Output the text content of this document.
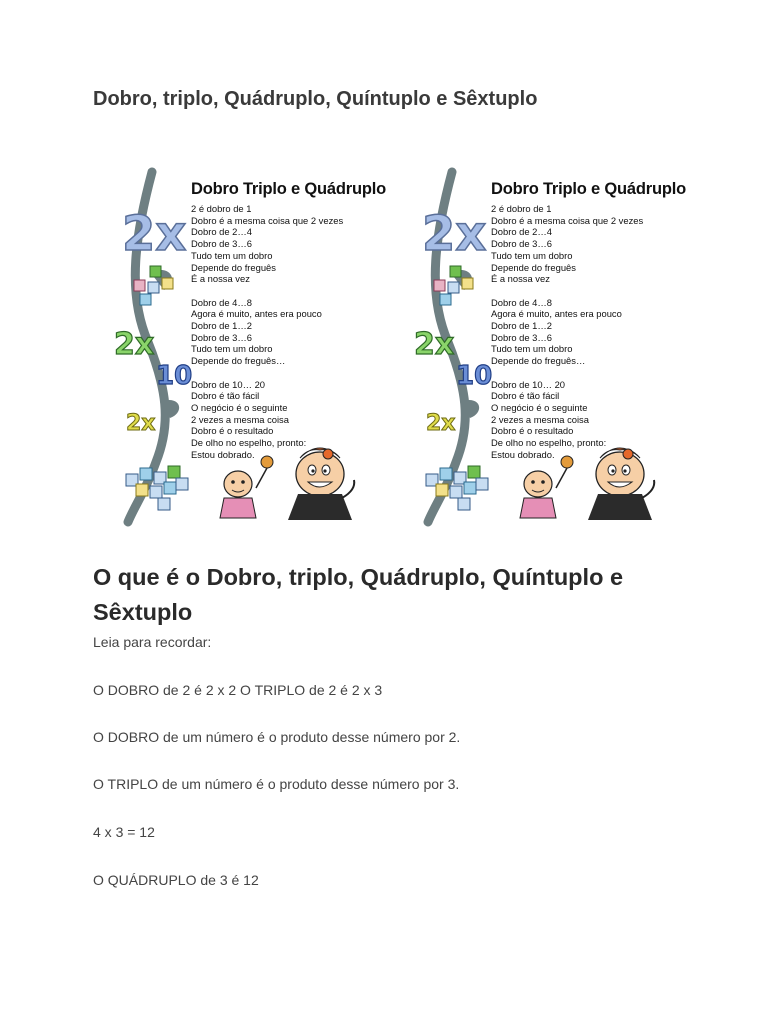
Dobro, triplo, Quádruplo, Quíntuplo e Sêxtuplo
2x
2x
10
2x
Dobro Triplo e Quádruplo
2 é dobro de 1
Dobro é a mesma coisa que 2 vezes
Dobro de 2…4
Dobro de 3…6
Tudo tem um dobro
Depende do freguês
É a nossa vez
Dobro de 4…8
Agora é muito, antes era pouco
Dobro de 1…2
Dobro de 3…6
Tudo tem um dobro
Depende do freguês…
Dobro de 10… 20
Dobro é tão fácil
O negócio é o seguinte
2 vezes a mesma coisa
Dobro é o resultado
De olho no espelho, pronto:
Estou dobrado.
2x
2x
10
2x
Dobro Triplo e Quádruplo
2 é dobro de 1
Dobro é a mesma coisa que 2 vezes
Dobro de 2…4
Dobro de 3…6
Tudo tem um dobro
Depende do freguês
É a nossa vez
Dobro de 4…8
Agora é muito, antes era pouco
Dobro de 1…2
Dobro de 3…6
Tudo tem um dobro
Depende do freguês…
Dobro de 10… 20
Dobro é tão fácil
O negócio é o seguinte
2 vezes a mesma coisa
Dobro é o resultado
De olho no espelho, pronto:
Estou dobrado.
O que é o Dobro, triplo, Quádruplo, Quíntuplo e Sêxtuplo
Leia para recordar:
O DOBRO de 2 é 2 x 2 O TRIPLO de 2 é 2 x 3
O DOBRO de um número é o produto desse número por 2.
O TRIPLO de um número é o produto desse número por 3.
4 x 3 = 12
O QUÁDRUPLO de 3 é 12
